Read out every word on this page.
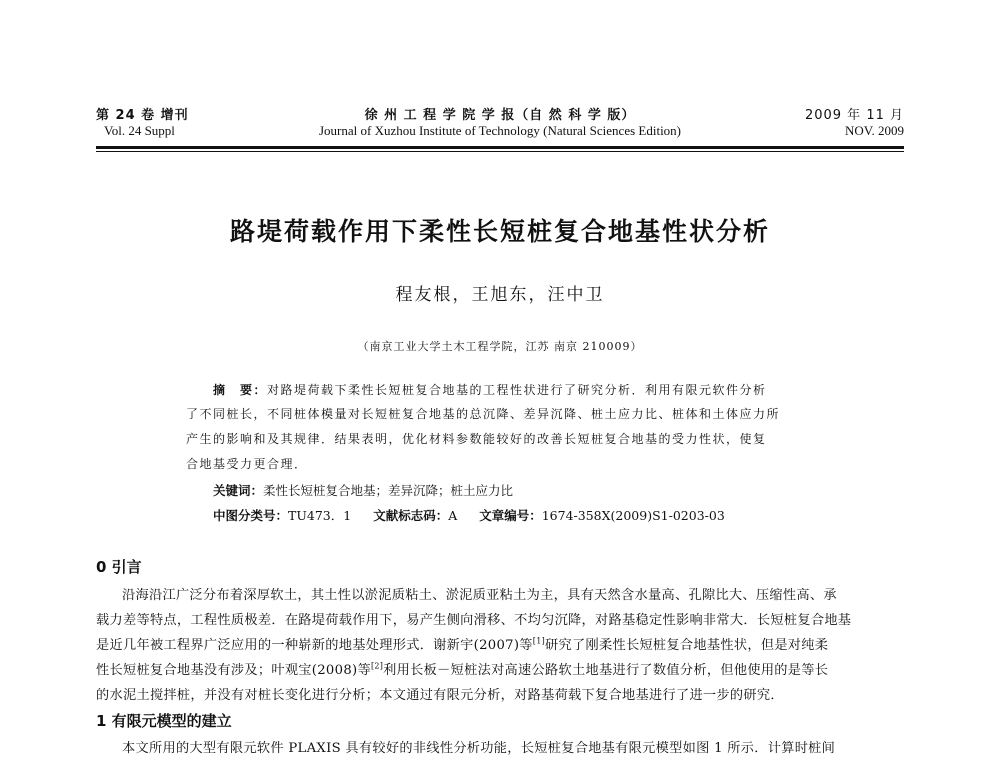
第 24 卷 增刊
Vol. 24 Suppl
徐 州 工 程 学 院 学 报（自 然 科 学 版）
Journal of Xuzhou Institute of Technology (Natural Sciences Edition)
2009 年 11 月
NOV. 2009
路堤荷载作用下柔性长短桩复合地基性状分析
程友根，王旭东，汪中卫
（南京工业大学土木工程学院，江苏 南京 210009）
摘　要：对路堤荷载下柔性长短桩复合地基的工程性状进行了研究分析．利用有限元软件分析
了不同桩长，不同桩体模量对长短桩复合地基的总沉降、差异沉降、桩土应力比、桩体和土体应力所
产生的影响和及其规律．结果表明，优化材料参数能较好的改善长短桩复合地基的受力性状，使复
合地基受力更合理．
关键词：柔性长短桩复合地基；差异沉降；桩土应力比
中图分类号：TU473．1 文献标志码：A 文章编号：1674-358X(2009)S1-0203-03
0 引言
沿海沿江广泛分布着深厚软土，其土性以淤泥质粘土、淤泥质亚粘土为主，具有天然含水量高、孔隙比大、压缩性高、承
载力差等特点，工程性质极差．在路堤荷载作用下，易产生侧向滑移、不均匀沉降，对路基稳定性影响非常大．长短桩复合地基
是近几年被工程界广泛应用的一种崭新的地基处理形式．谢新宇(2007)等[1]研究了刚柔性长短桩复合地基性状，但是对纯柔
性长短桩复合地基没有涉及；叶观宝(2008)等[2]利用长板－短桩法对高速公路软土地基进行了数值分析，但他使用的是等长
的水泥土搅拌桩，并没有对桩长变化进行分析；本文通过有限元分析，对路基荷载下复合地基进行了进一步的研究．
1 有限元模型的建立
本文所用的大型有限元软件 PLAXIS 具有较好的非线性分析功能，长短桩复合地基有限元模型如图 1 所示．计算时桩间
